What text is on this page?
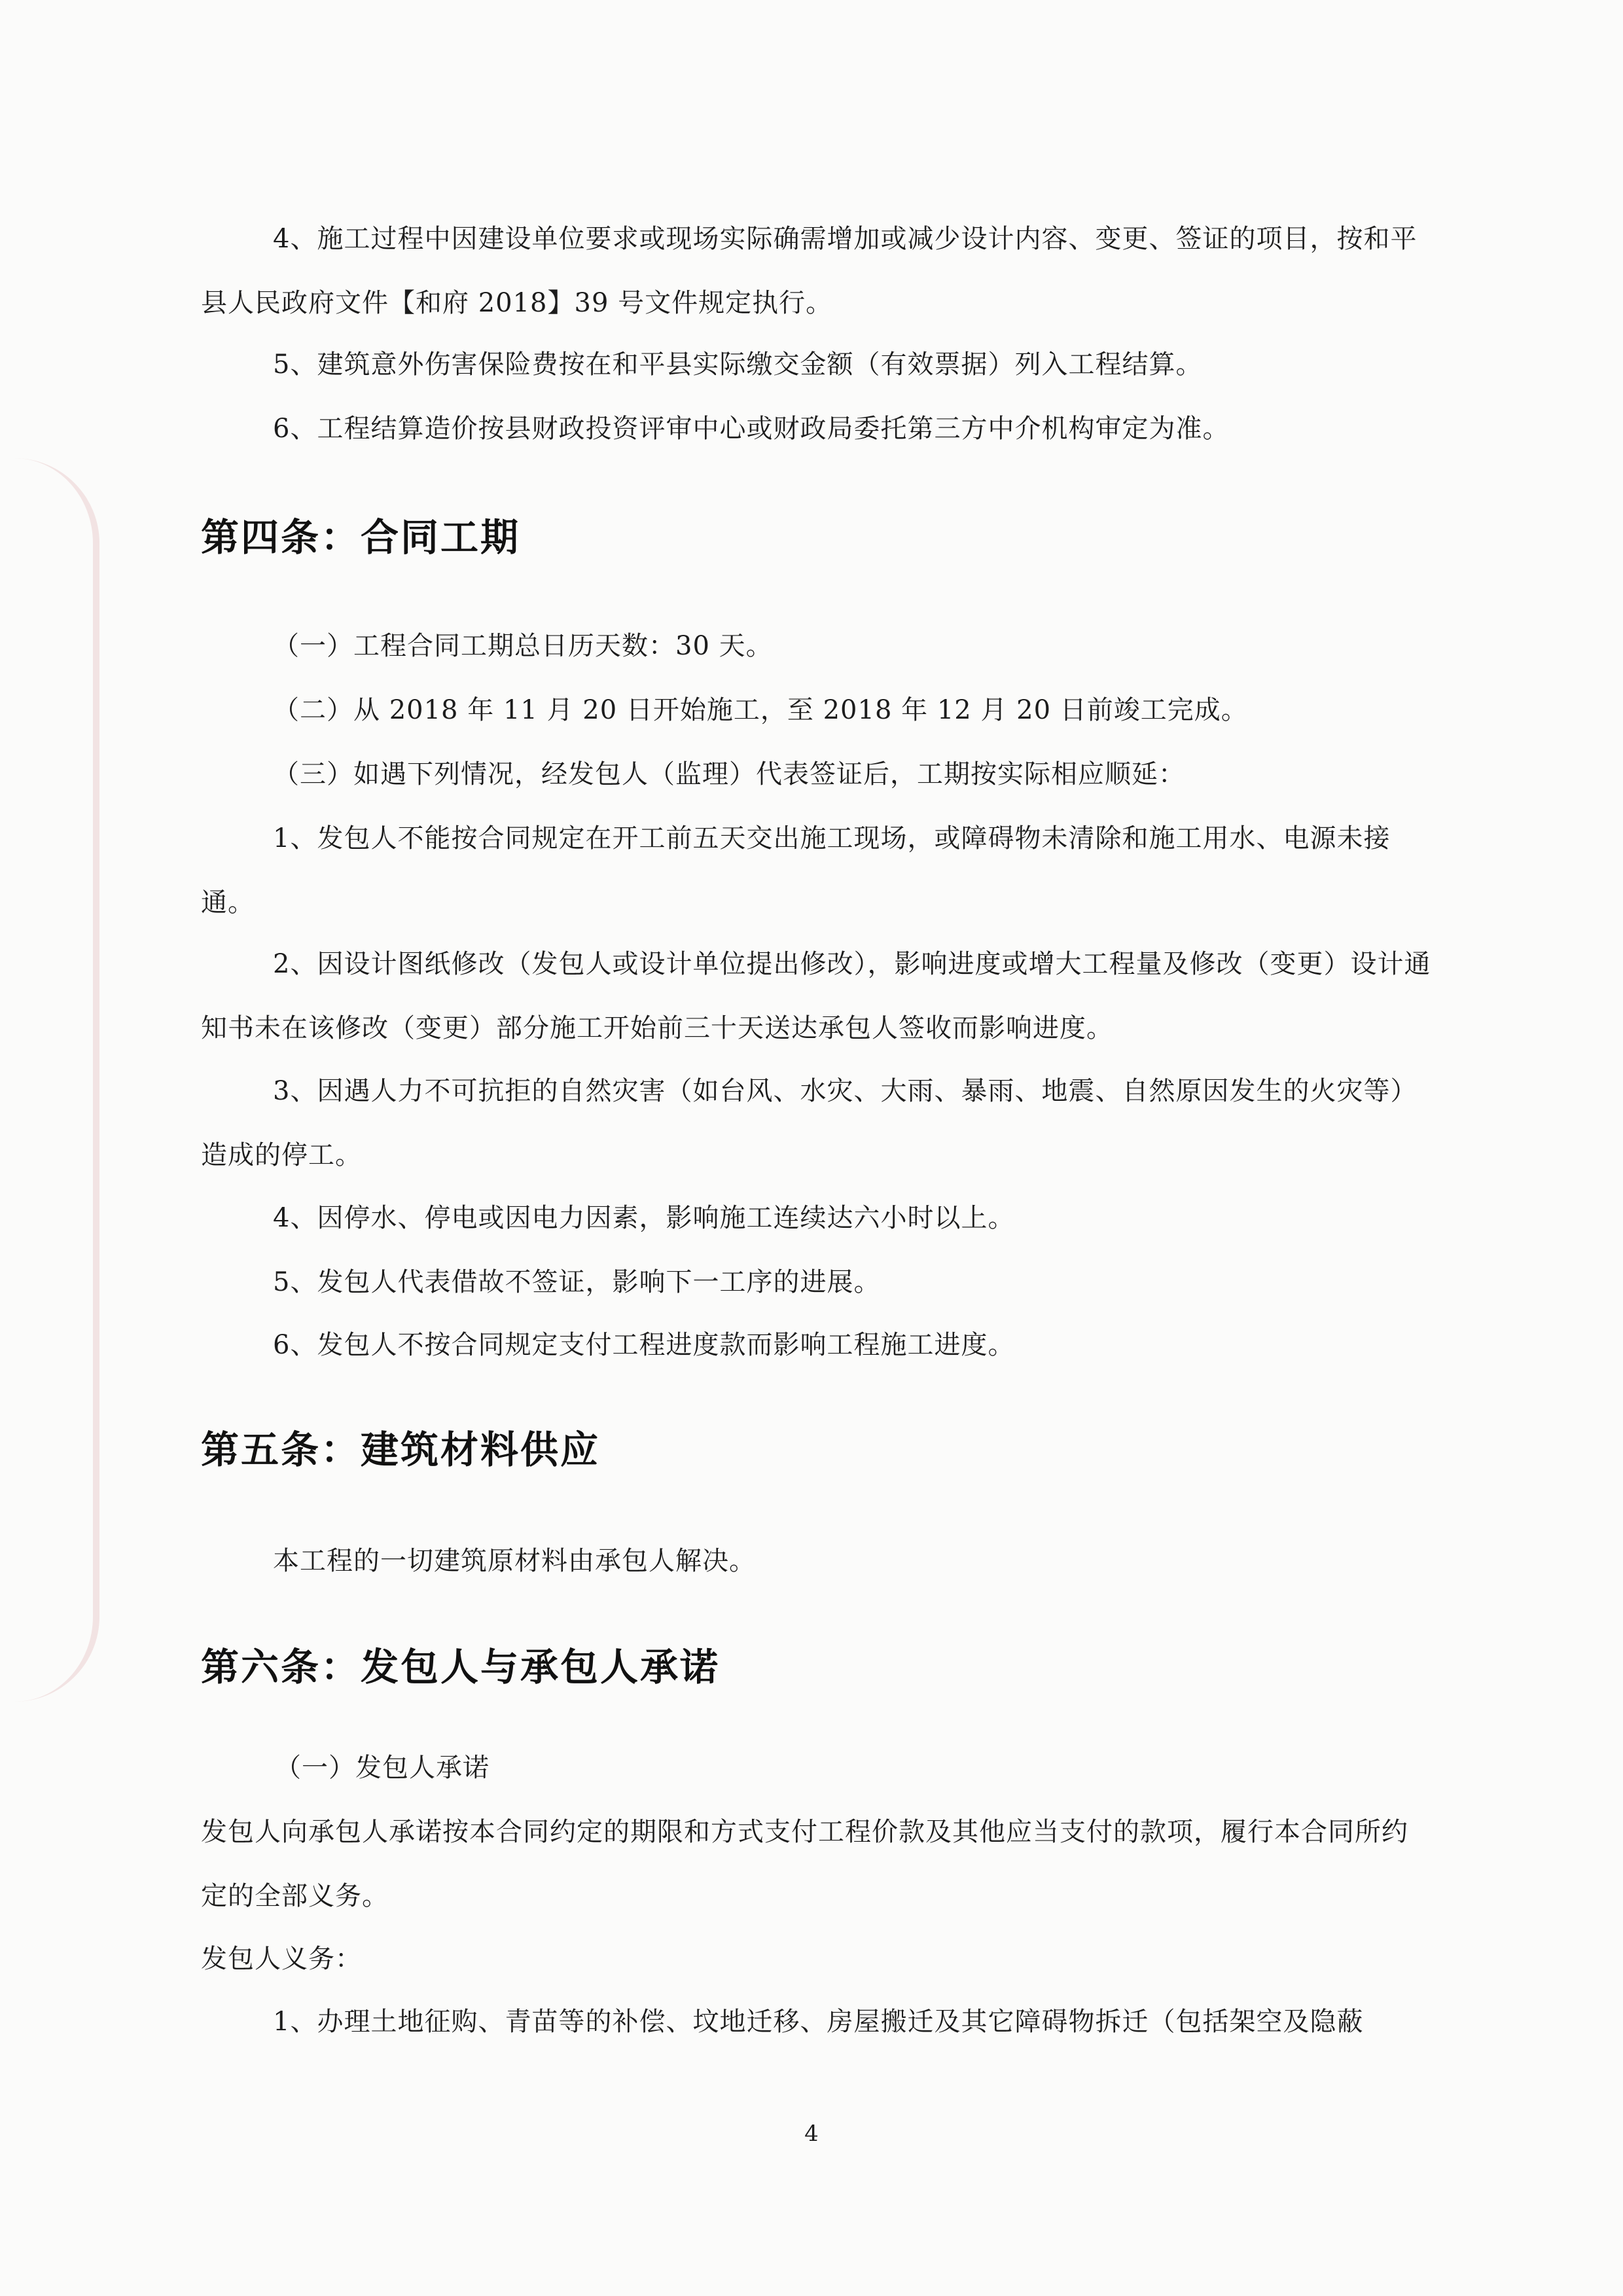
4、施工过程中因建设单位要求或现场实际确需增加或减少设计内容、变更、签证的项目，按和平县人民政府文件【和府 2018】39 号文件规定执行。
5、建筑意外伤害保险费按在和平县实际缴交金额（有效票据）列入工程结算。
6、工程结算造价按县财政投资评审中心或财政局委托第三方中介机构审定为准。
第四条：合同工期
（一）工程合同工期总日历天数：30 天。
（二）从 2018 年 11 月 20 日开始施工，至 2018 年 12 月 20 日前竣工完成。
（三）如遇下列情况，经发包人（监理）代表签证后，工期按实际相应顺延：
1、发包人不能按合同规定在开工前五天交出施工现场，或障碍物未清除和施工用水、电源未接通。
2、因设计图纸修改（发包人或设计单位提出修改），影响进度或增大工程量及修改（变更）设计通知书未在该修改（变更）部分施工开始前三十天送达承包人签收而影响进度。
3、因遇人力不可抗拒的自然灾害（如台风、水灾、大雨、暴雨、地震、自然原因发生的火灾等）造成的停工。
4、因停水、停电或因电力因素，影响施工连续达六小时以上。
5、发包人代表借故不签证，影响下一工序的进展。
6、发包人不按合同规定支付工程进度款而影响工程施工进度。
第五条：建筑材料供应
本工程的一切建筑原材料由承包人解决。
第六条：发包人与承包人承诺
（一）发包人承诺
发包人向承包人承诺按本合同约定的期限和方式支付工程价款及其他应当支付的款项，履行本合同所约定的全部义务。
发包人义务：
1、办理土地征购、青苗等的补偿、坟地迁移、房屋搬迁及其它障碍物拆迁（包括架空及隐蔽
4
